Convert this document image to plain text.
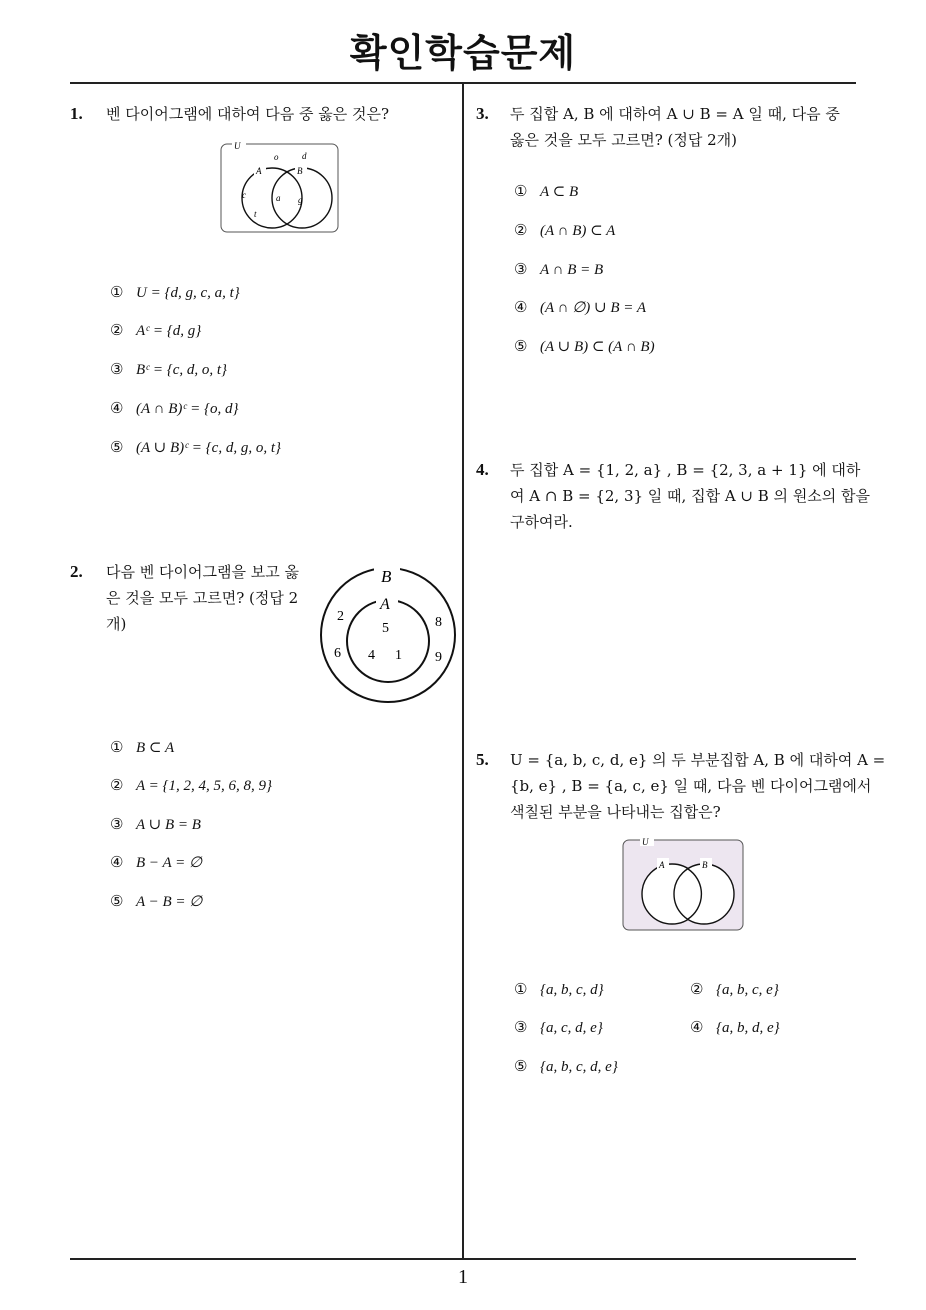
확인학습문제
1. 벤 다이어그램에 대하여 다음 중 옳은 것은?
U
A	B
o	d
c
t
a g
① U = {d, g, c, a, t}
② Aᶜ = {d, g}
③ Bᶜ = {c, d, o, t}
④ (A ∩ B)ᶜ = {o, d}
⑤ (A ∪ B)ᶜ = {c, d, g, o, t}
2. 다음 벤 다이어그램을 보고 옳
은 것을 모두 고르면? (정답 2
개)
B
A
2
5	8
6 4 1 9
① B ⊂ A
② A = {1, 2, 4, 5, 6, 8, 9}
③ A ∪ B = B
④ B − A = ∅
⑤ A − B = ∅
3. 두 집합 A, B 에 대하여 A ∪ B = A 일 때, 다음 중
옳은 것을 모두 고르면? (정답 2개)
① A ⊂ B
② (A ∩ B) ⊂ A
③ A ∩ B = B
④ (A ∩ ∅) ∪ B = A
⑤ (A ∪ B) ⊂ (A ∩ B)
4. 두 집합 A = {1, 2, a} , B = {2, 3, a + 1} 에 대하
여 A ∩ B = {2, 3} 일 때, 집합 A ∪ B 의 원소의 합을
구하여라.
5. U = {a, b, c, d, e} 의 두 부분집합 A, B 에 대하여 A =
{b, e} , B = {a, c, e} 일 때, 다음 벤 다이어그램에서
색칠된 부분을 나타내는 집합은?
U
A	B
① {a, b, c, d}	② {a, b, c, e}
③ {a, c, d, e}	④ {a, b, d, e}
⑤ {a, b, c, d, e}
1
